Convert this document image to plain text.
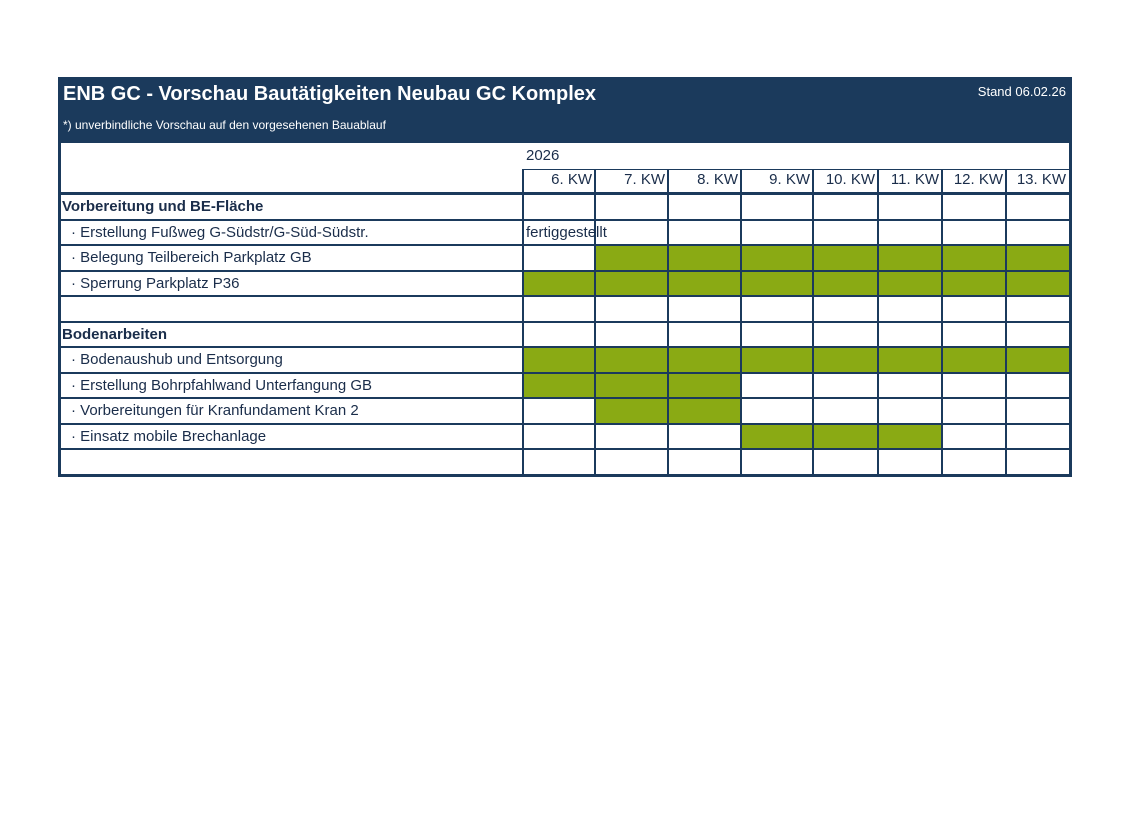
ENB GC - Vorschau Bautätigkeiten Neubau GC Komplex	Stand 06.02.26
*) unverbindliche Vorschau auf den vorgesehenen Bauablauf
2026
6. KW	7. KW	8. KW	9. KW	10. KW	11. KW 12. KW 13. KW
Vorbereitung und BE-Fläche
· Erstellung Fußweg G-Südstr/G-Süd-Südstr.	fertiggestellt
· Belegung Teilbereich Parkplatz GB
· Sperrung Parkplatz P36
Bodenarbeiten
· Bodenaushub und Entsorgung
· Erstellung Bohrpfahlwand Unterfangung GB
· Vorbereitungen für Kranfundament Kran 2
· Einsatz mobile Brechanlage
